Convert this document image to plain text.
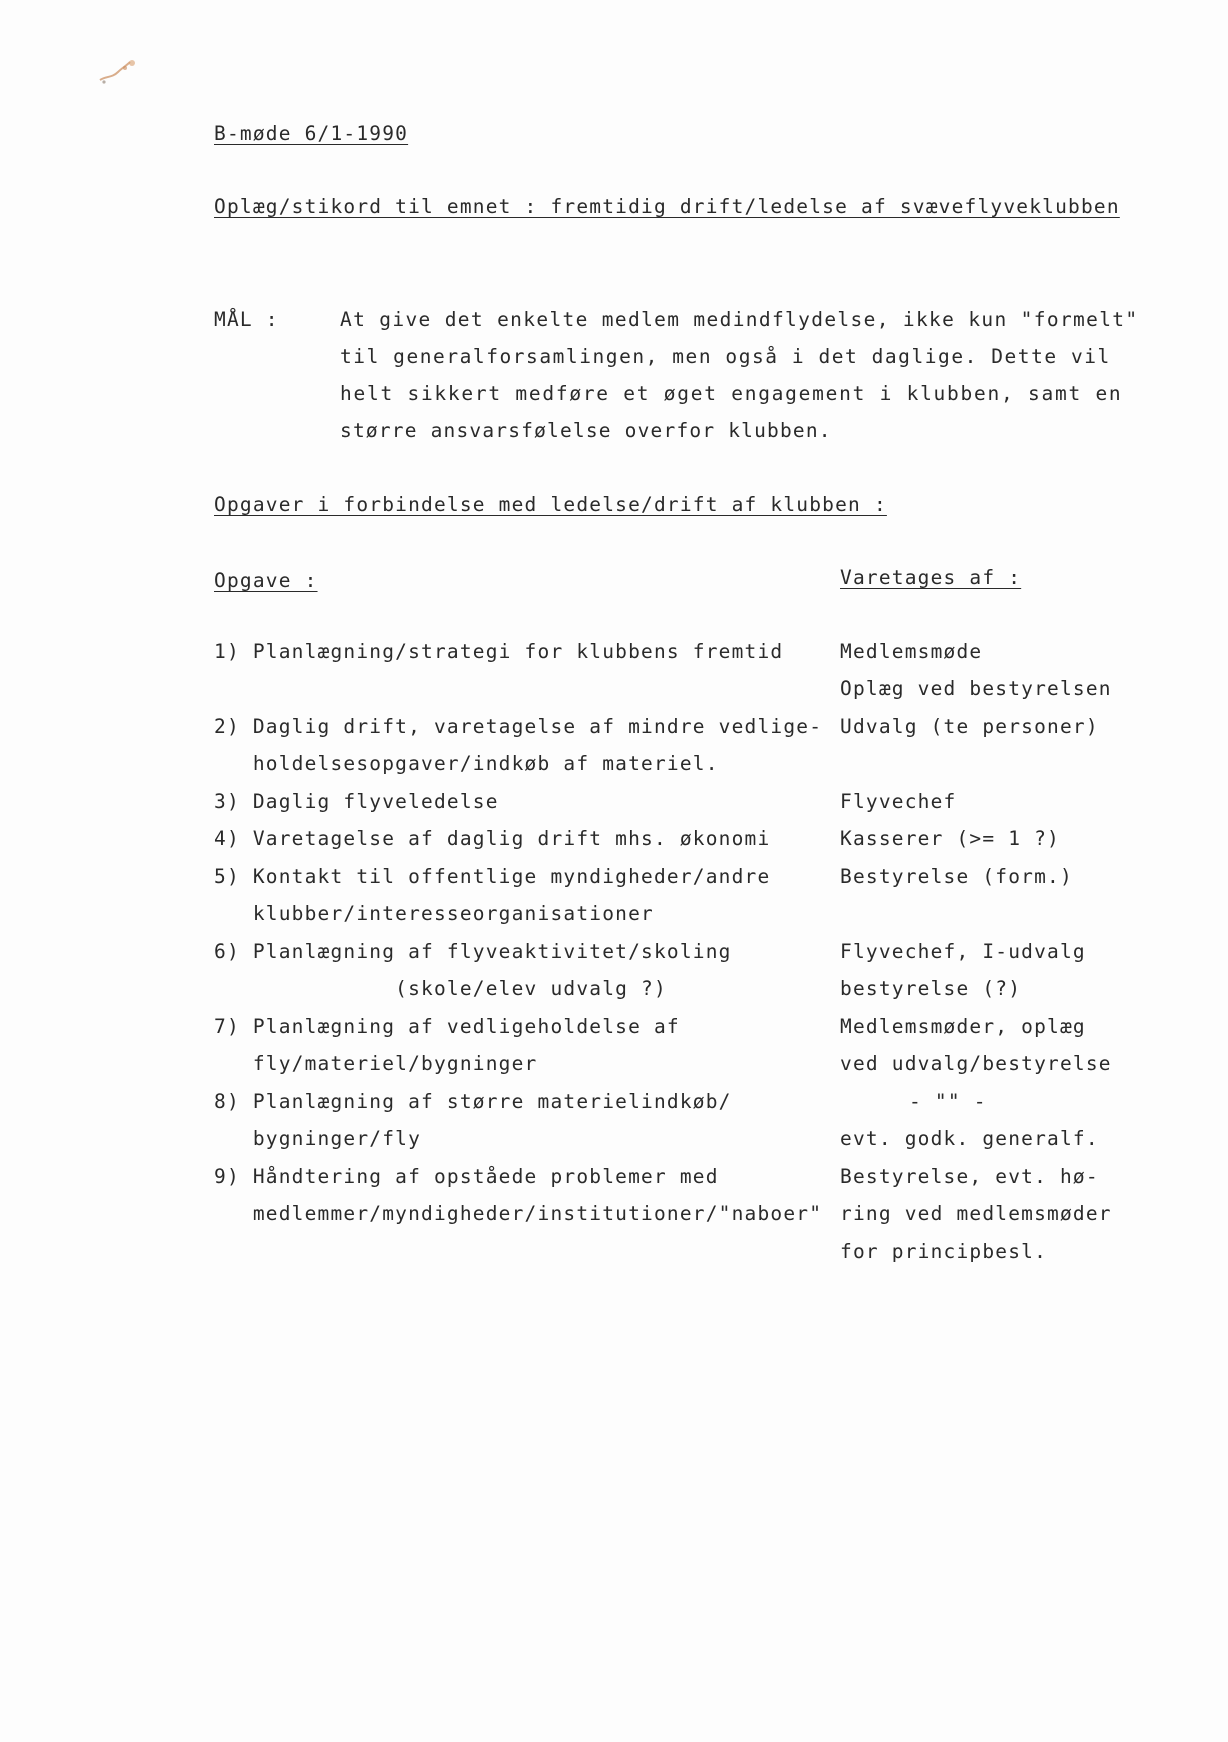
B-møde 6/1-1990
Oplæg/stikord til emnet : fremtidig drift/ledelse af svæveflyveklubben
MÅL :	At give det enkelte medlem medindflydelse, ikke kun "formelt"
til generalforsamlingen, men også i det daglige. Dette vil
helt sikkert medføre et øget engagement i klubben, samt en
større ansvarsfølelse overfor klubben.
Opgaver i forbindelse med ledelse/drift af klubben :
Opgave :	Varetages af :
1) Planlægning/strategi for klubbens fremtid
2) Daglig drift, varetagelse af mindre vedlige-
holdelsesopgaver/indkøb af materiel.
3) Daglig flyveledelse
4) Varetagelse af daglig drift mhs. økonomi
5) Kontakt til offentlige myndigheder/andre
klubber/interesseorganisationer
6) Planlægning af flyveaktivitet/skoling
(skole/elev udvalg ?)
7) Planlægning af vedligeholdelse af
fly/materiel/bygninger
8) Planlægning af større materielindkøb/
bygninger/fly
9) Håndtering af opståede problemer med
medlemmer/myndigheder/institutioner/"naboer"
Medlemsmøde
Oplæg ved bestyrelsen
Udvalg (te personer)
Flyvechef
Kasserer (>= 1 ?)
Bestyrelse (form.)
Flyvechef, I-udvalg
bestyrelse (?)
Medlemsmøder, oplæg
ved udvalg/bestyrelse
- "" -
evt. godk. generalf.
Bestyrelse, evt. hø-
ring ved medlemsmøder
for principbesl.
